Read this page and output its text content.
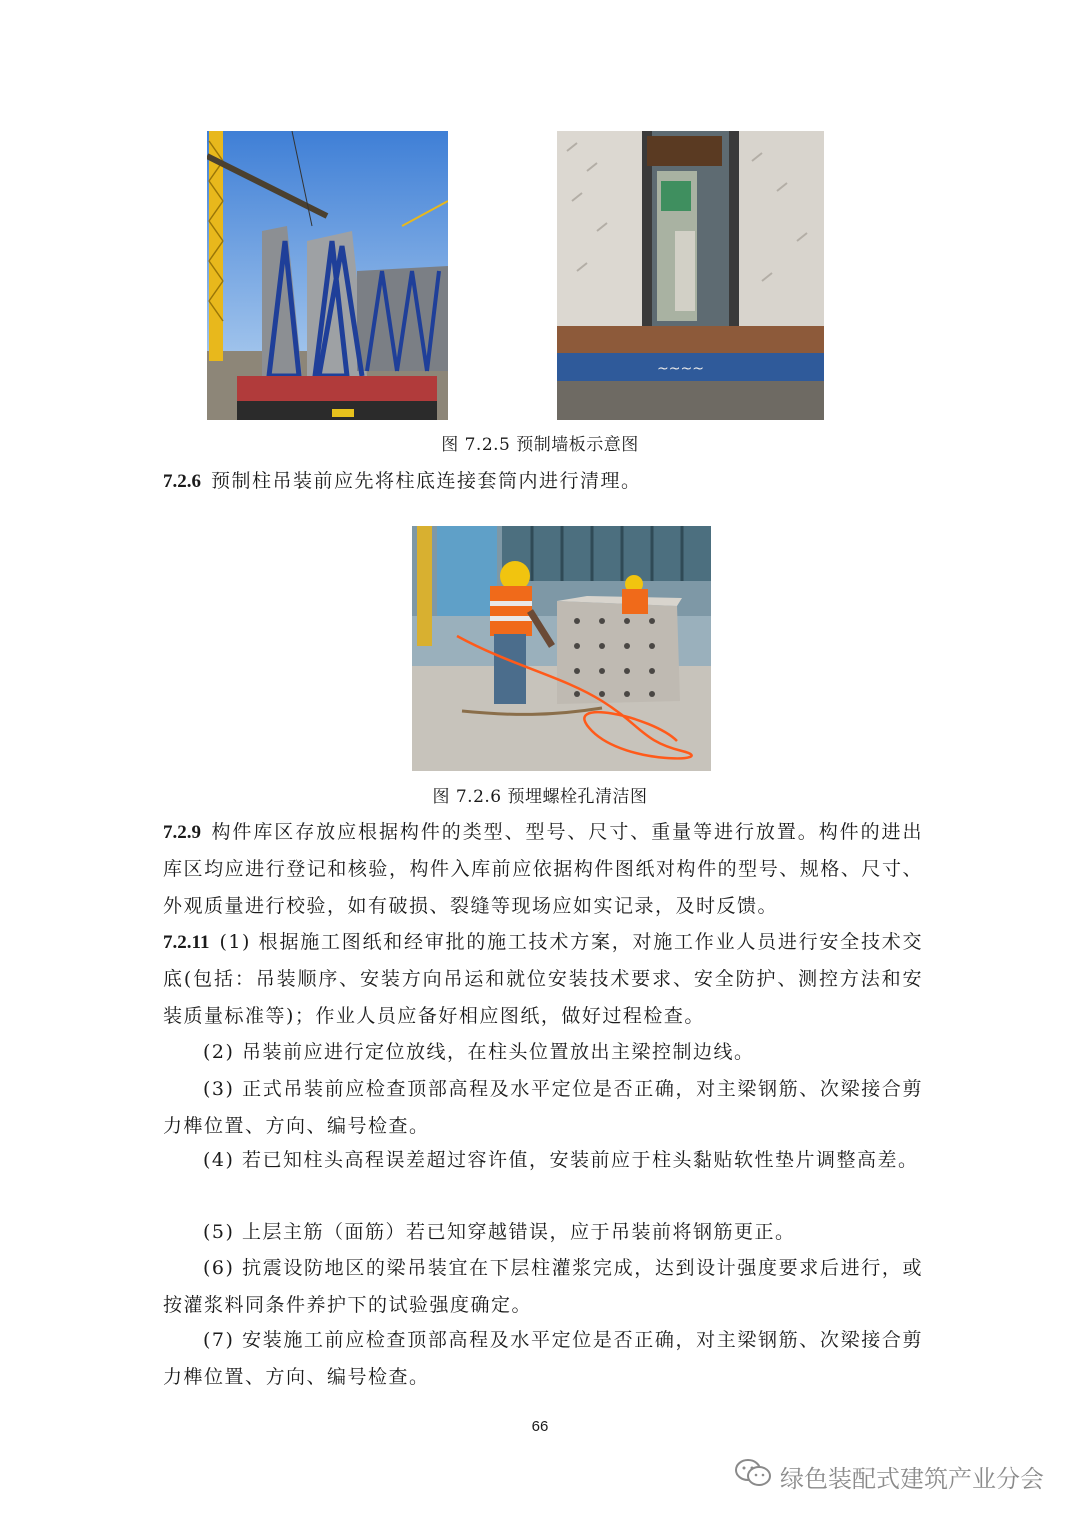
~~~~
图 7.2.5 预制墙板示意图
7.2.6 预制柱吊装前应先将柱底连接套筒内进行清理。
图 7.2.6 预埋螺栓孔清洁图
7.2.9 构件库区存放应根据构件的类型、型号、尺寸、重量等进行放置。构件的进出库区均应进行登记和核验，构件入库前应依据构件图纸对构件的型号、规格、尺寸、外观质量进行校验，如有破损、裂缝等现场应如实记录，及时反馈。
7.2.11 (1) 根据施工图纸和经审批的施工技术方案，对施工作业人员进行安全技术交底(包括：吊装顺序、安装方向吊运和就位安装技术要求、安全防护、测控方法和安装质量标准等)；作业人员应备好相应图纸，做好过程检查。
(2) 吊装前应进行定位放线，在柱头位置放出主梁控制边线。
(3) 正式吊装前应检查顶部高程及水平定位是否正确，对主梁钢筋、次梁接合剪力榫位置、方向、编号检查。
(4) 若已知柱头高程误差超过容许值，安装前应于柱头黏贴软性垫片调整高差。
(5) 上层主筋（面筋）若已知穿越错误，应于吊装前将钢筋更正。
(6) 抗震设防地区的梁吊装宜在下层柱灌浆完成，达到设计强度要求后进行，或按灌浆料同条件养护下的试验强度确定。
(7) 安装施工前应检查顶部高程及水平定位是否正确，对主梁钢筋、次梁接合剪力榫位置、方向、编号检查。
66
绿色装配式建筑产业分会
